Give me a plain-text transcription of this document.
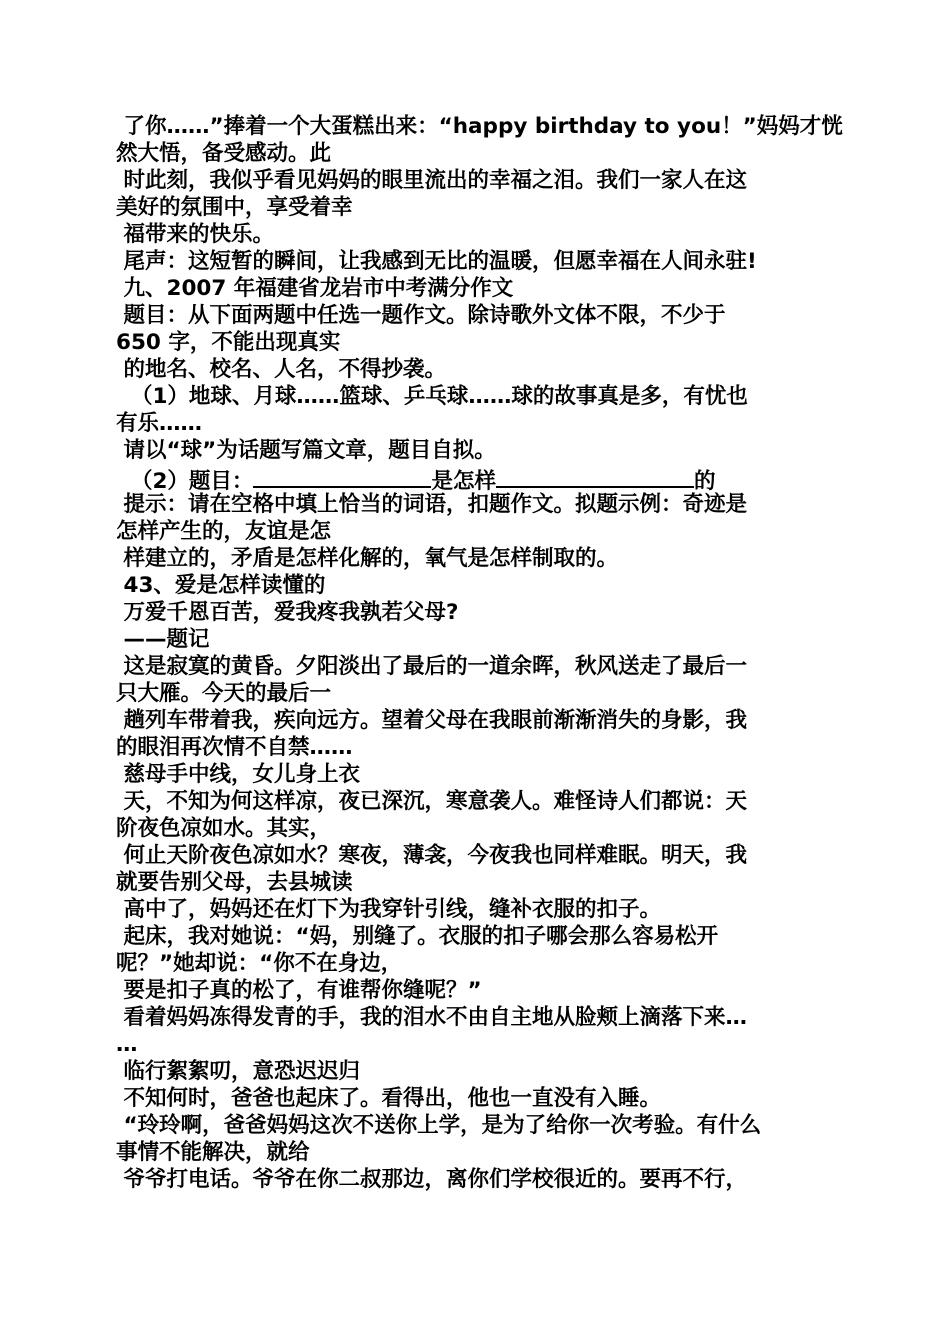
了你……”捧着一个大蛋糕出来：“happy birthday to you！”妈妈才恍
然大悟，备受感动。此
时此刻，我似乎看见妈妈的眼里流出的幸福之泪。我们一家人在这
美好的氛围中，享受着幸
福带来的快乐。
尾声：这短暂的瞬间，让我感到无比的温暖，但愿幸福在人间永驻!
九、2007 年福建省龙岩市中考满分作文
题目：从下面两题中任选一题作文。除诗歌外文体不限，不少于
650 字，不能出现真实
的地名、校名、人名，不得抄袭。
（1）地球、月球……篮球、乒乓球……球的故事真是多，有忧也
有乐……
请以“球”为话题写篇文章，题目自拟。
（2）题目：	是怎样	的
提示：请在空格中填上恰当的词语，扣题作文。拟题示例：奇迹是
怎样产生的，友谊是怎
样建立的，矛盾是怎样化解的，氧气是怎样制取的。
43、爱是怎样读懂的
万爱千恩百苦，爱我疼我孰若父母?
——题记
这是寂寞的黄昏。夕阳淡出了最后的一道余晖，秋风送走了最后一
只大雁。今天的最后一
趟列车带着我，疾向远方。望着父母在我眼前渐渐消失的身影，我
的眼泪再次情不自禁……
慈母手中线，女儿身上衣
天，不知为何这样凉，夜已深沉，寒意袭人。难怪诗人们都说：天
阶夜色凉如水。其实，
何止天阶夜色凉如水？寒夜，薄衾，今夜我也同样难眠。明天，我
就要告别父母，去县城读
高中了，妈妈还在灯下为我穿针引线，缝补衣服的扣子。
起床，我对她说：“妈，别缝了。衣服的扣子哪会那么容易松开
呢？”她却说：“你不在身边，
要是扣子真的松了，有谁帮你缝呢？”
看着妈妈冻得发青的手，我的泪水不由自主地从脸颊上滴落下来…
…
临行絮絮叨，意恐迟迟归
不知何时，爸爸也起床了。看得出，他也一直没有入睡。
“玲玲啊，爸爸妈妈这次不送你上学，是为了给你一次考验。有什么
事情不能解决，就给
爷爷打电话。爷爷在你二叔那边，离你们学校很近的。要再不行，
